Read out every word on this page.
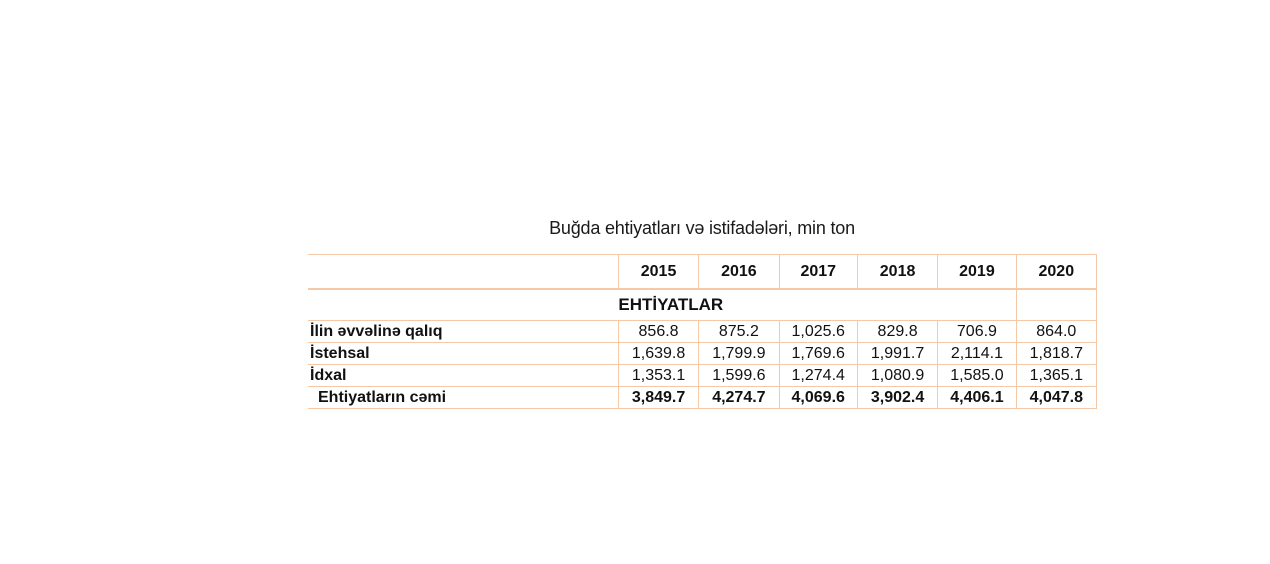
Buğda ehtiyatları və istifadələri, min ton
	2015	2016	2017	2018	2019	2020
	EHTİYATLAR					
İlin əvvəlinə qalıq	856.8	875.2	1,025.6	829.8	706.9	864.0
İstehsal	1,639.8	1,799.9	1,769.6	1,991.7	2,114.1	1,818.7
İdxal	1,353.1	1,599.6	1,274.4	1,080.9	1,585.0	1,365.1
Ehtiyatların cəmi	3,849.7	4,274.7	4,069.6	3,902.4	4,406.1	4,047.8
